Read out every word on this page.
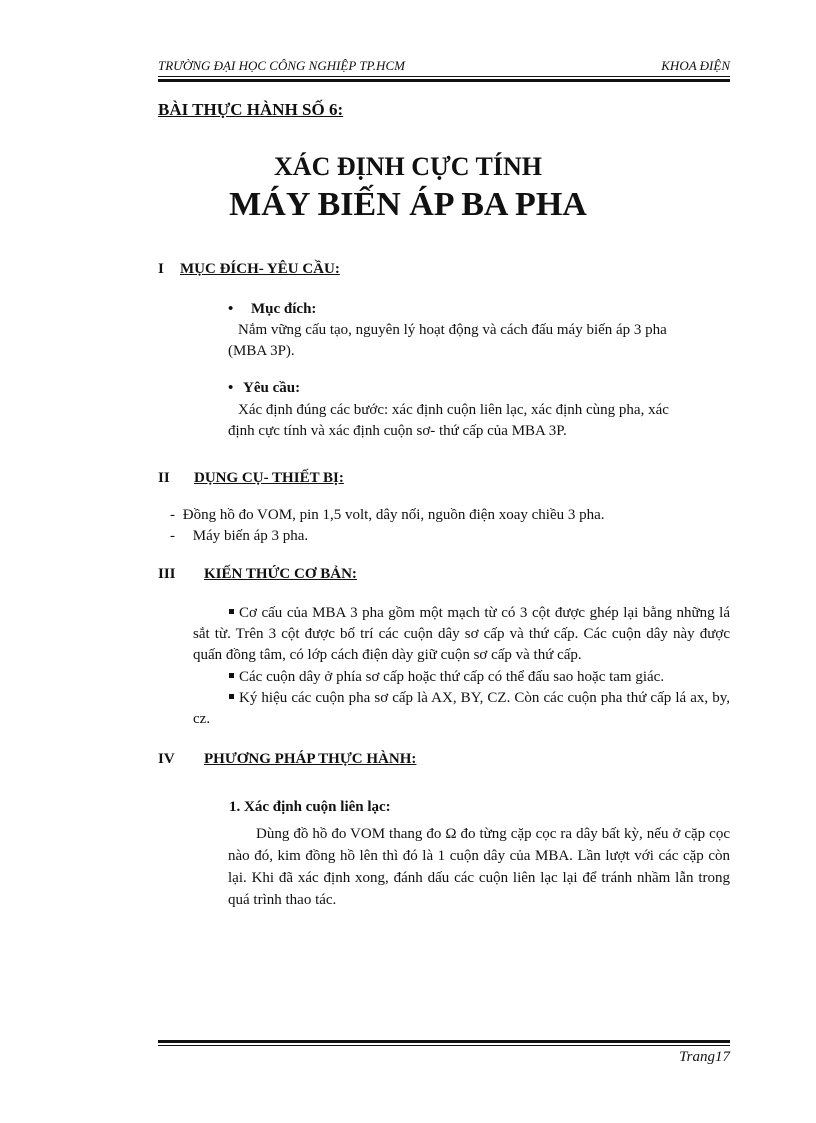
TRƯỜNG ĐẠI HỌC CÔNG NGHIỆP TP.HCM	KHOA ĐIỆN
BÀI THỰC HÀNH SỐ 6:
XÁC ĐỊNH CỰC TÍNH
MÁY BIẾN ÁP BA PHA
I MỤC ĐÍCH- YÊU CẦU:
• Mục đích:
Nắm vững cấu tạo, nguyên lý hoạt động và cách đấu máy biến áp 3 pha
(MBA 3P).
• Yêu cầu:
Xác định đúng các bước: xác định cuộn liên lạc, xác định cùng pha, xác
định cực tính và xác định cuộn sơ- thứ cấp của MBA 3P.
II DỤNG CỤ- THIẾT BỊ:
- Đồng hồ đo VOM, pin 1,5 volt, dây nối, nguồn điện xoay chiều 3 pha.
- Máy biến áp 3 pha.
III KIẾN THỨC CƠ BẢN:
Cơ cấu của MBA 3 pha gồm một mạch từ có 3 cột được ghép lại bằng những lá sắt từ. Trên 3 cột được bố trí các cuộn dây sơ cấp và thứ cấp. Các cuộn dây này được quấn đồng tâm, có lớp cách điện dày giữ cuộn sơ cấp và thứ cấp.
Các cuộn dây ở phía sơ cấp hoặc thứ cấp có thể đấu sao hoặc tam giác.
Ký hiệu các cuộn pha sơ cấp là AX, BY, CZ. Còn các cuộn pha thứ cấp lá ax, by, cz.
IV PHƯƠNG PHÁP THỰC HÀNH:
1. Xác định cuộn liên lạc:
Dùng đồ hồ đo VOM thang đo Ω đo từng cặp cọc ra dây bất kỳ, nếu ở cặp cọc nào đó, kim đồng hồ lên thì đó là 1 cuộn dây của MBA. Lần lượt với các cặp còn lại. Khi đã xác định xong, đánh dấu các cuộn liên lạc lại để tránh nhầm lẫn trong quá trình thao tác.
Trang17
